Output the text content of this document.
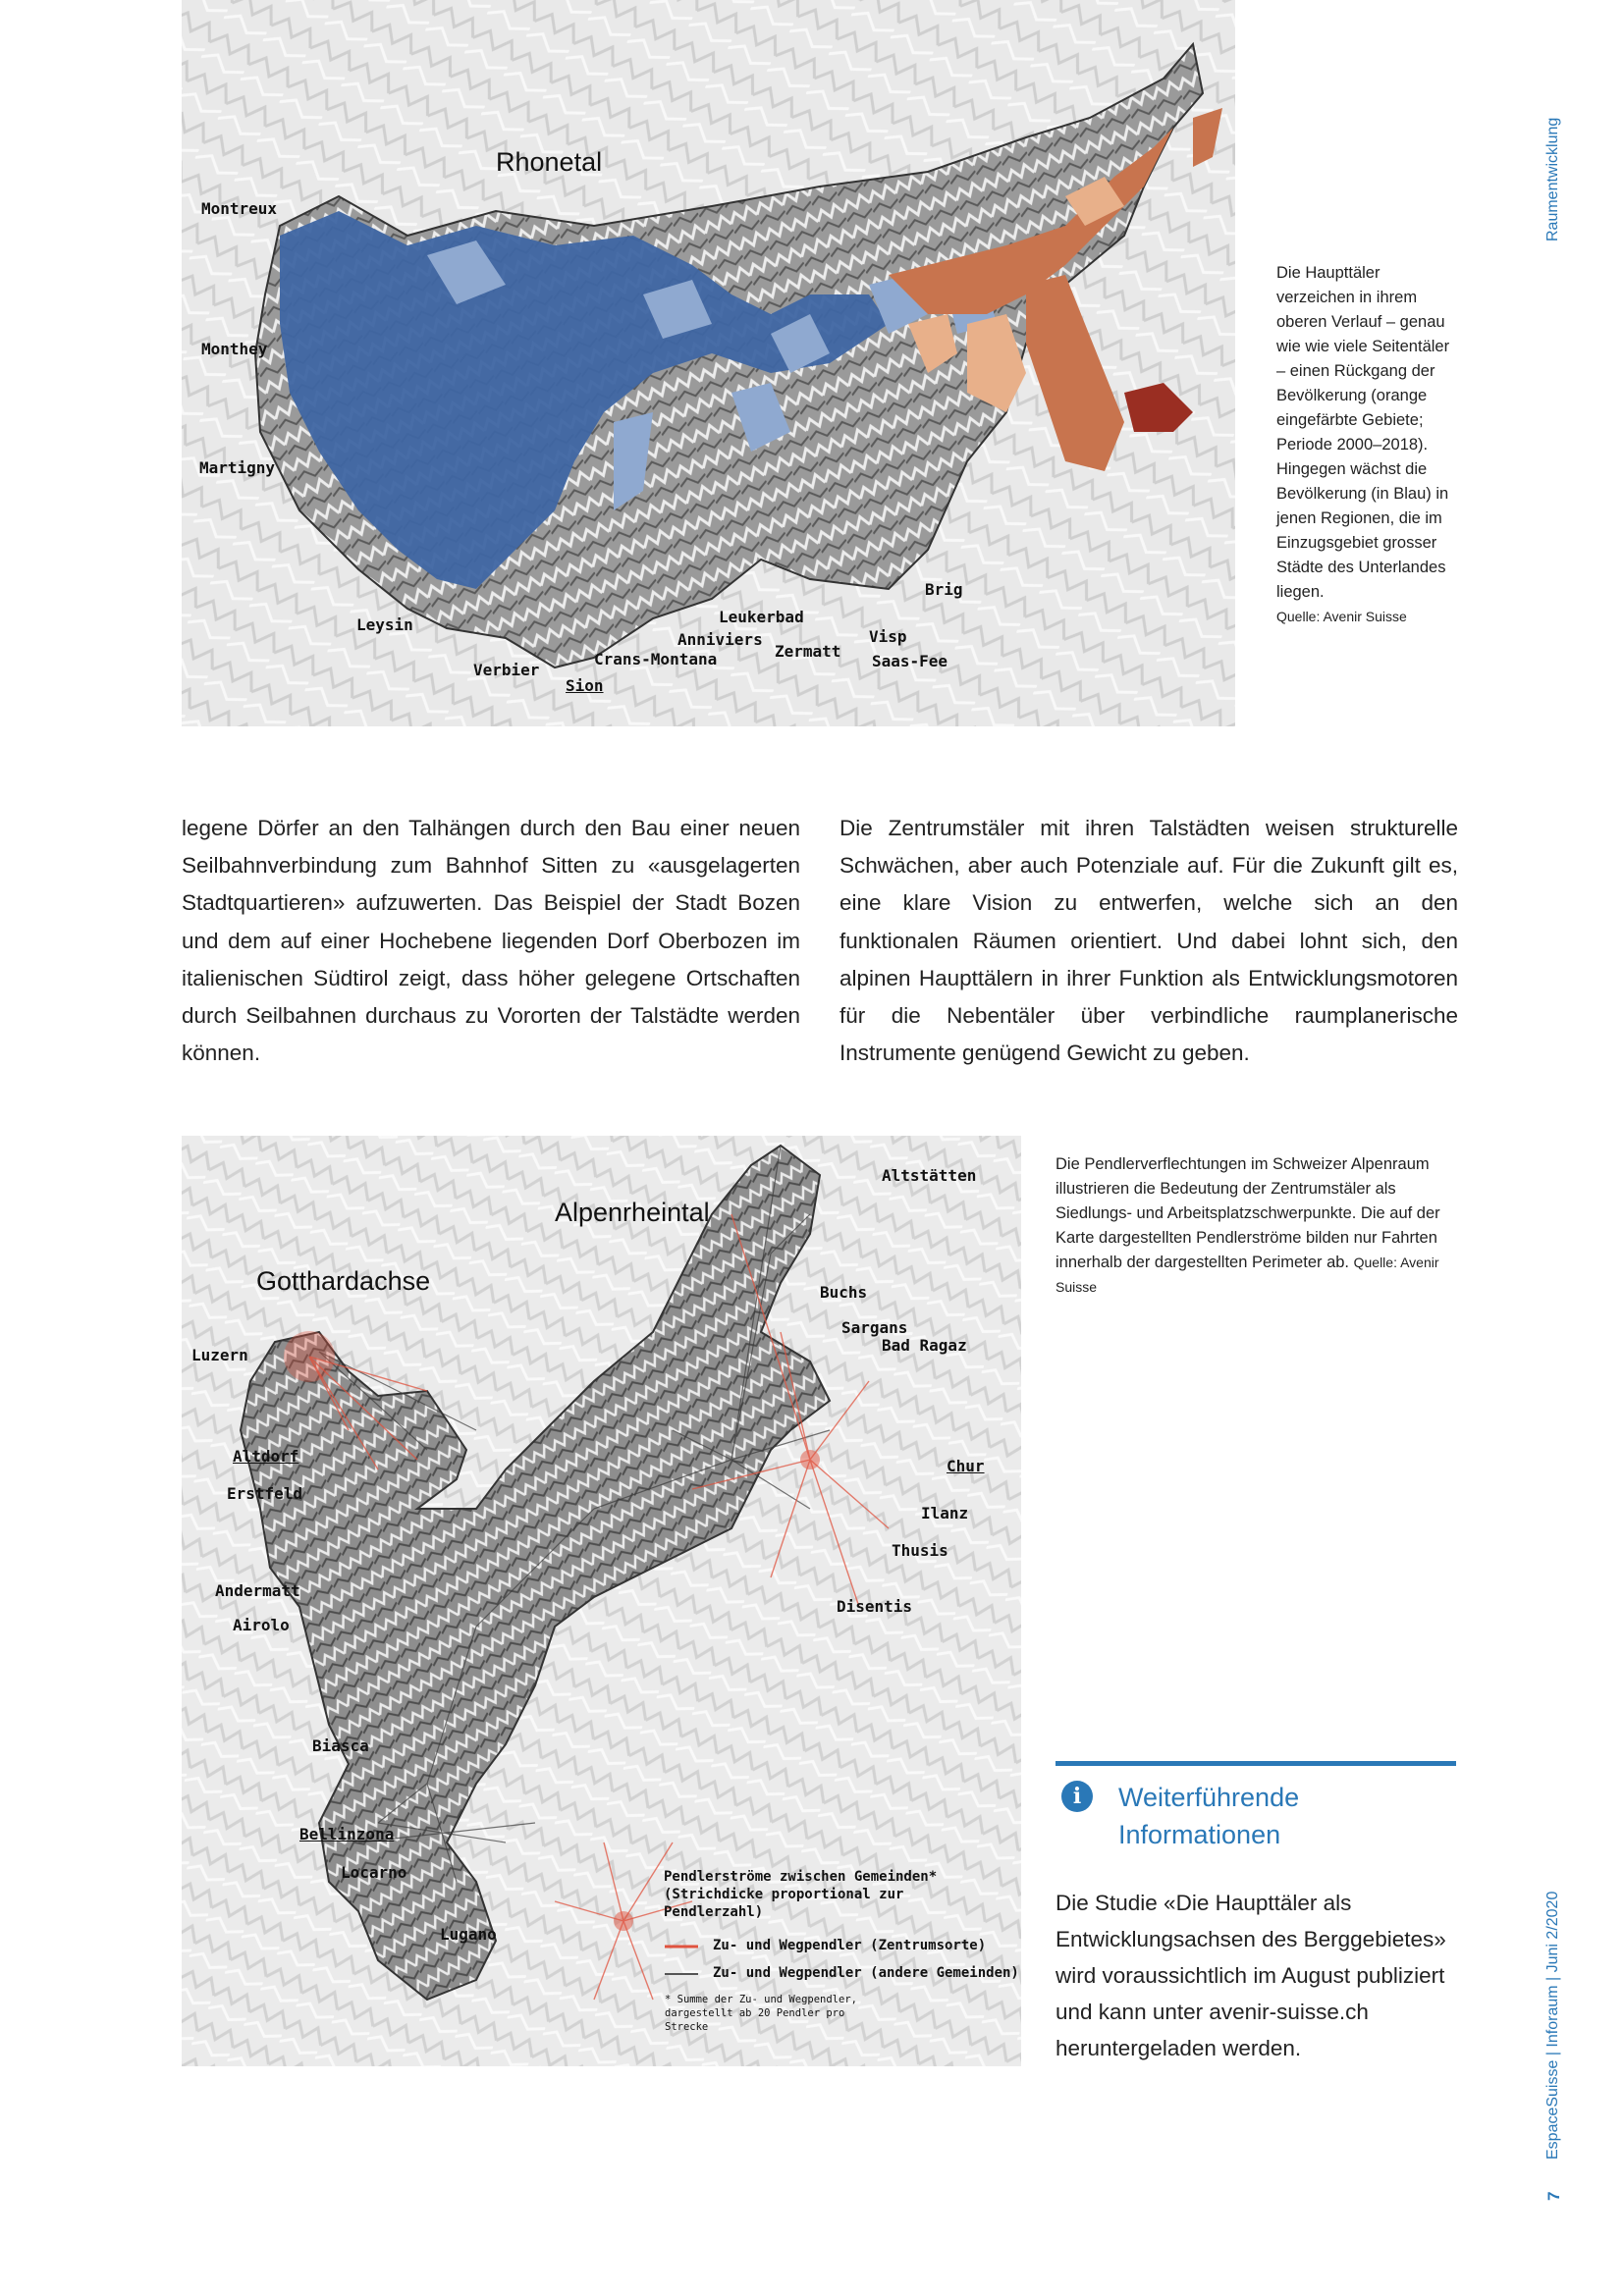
Raumentwicklung
EspaceSuisse | Inforaum | Juni 2/2020
7
Rhonetal
Montreux
Monthey
Martigny
Leysin
Verbier
Sion
Crans-Montana
Anniviers
Leukerbad
Zermatt
Visp
Saas-Fee
Brig
Die Haupttäler verzeichen in ihrem oberen Verlauf – genau wie wie viele Seitentäler – einen Rückgang der Bevölkerung (orange eingefärbte Gebiete; Periode 2000–2018). Hingegen wächst die Bevölkerung (in Blau) in jenen Regionen, die im Einzugsgebiet grosser Städte des Unterlandes liegen.
Quelle: Avenir Suisse
legene Dörfer an den Talhängen durch den Bau einer neuen Seilbahnverbindung zum Bahnhof Sitten zu «ausgelagerten Stadtquartieren» aufzuwerten. Das Beispiel der Stadt Bozen und dem auf einer Hochebene liegenden Dorf Oberbozen im italienischen Südtirol zeigt, dass höher gelegene Ortschaften durch Seilbahnen durchaus zu Vororten der Talstädte werden können.
Die Zentrumstäler mit ihren Talstädten weisen strukturelle Schwächen, aber auch Potenziale auf. Für die Zukunft gilt es, eine klare Vision zu entwerfen, welche sich an den funktionalen Räumen orientiert. Und dabei lohnt sich, den alpinen Haupttälern in ihrer Funktion als Entwicklungsmotoren für die Nebentäler über verbindliche raumplanerische Instrumente genügend Gewicht zu geben.
Alpenrheintal
Gotthardachse
Altstätten
Buchs
Sargans
Bad Ragaz
Chur
Ilanz
Thusis
Disentis
Luzern
Altdorf
Erstfeld
Andermatt
Airolo
Biasca
Bellinzona
Locarno
Lugano
Pendlerströme zwischen Gemeinden* (Strichdicke proportional zur Pendlerzahl)
Zu- und Wegpendler (Zentrumsorte)
Zu- und Wegpendler (andere Gemeinden)
* Summe der Zu- und Wegpendler, dargestellt ab 20 Pendler pro Strecke
Die Pendlerverflechtungen im Schweizer Alpenraum illustrieren die Bedeutung der Zentrumstäler als Siedlungs- und Arbeitsplatzschwerpunkte. Die auf der Karte dargestellten Pendlerströme bilden nur Fahrten innerhalb der dargestellten Perimeter ab. Quelle: Avenir Suisse
i	Weiterführende Informationen
Die Studie «Die Haupttäler als Entwicklungsachsen des Berggebietes» wird voraussichtlich im August publiziert und kann unter avenir-suisse.ch heruntergeladen werden.
